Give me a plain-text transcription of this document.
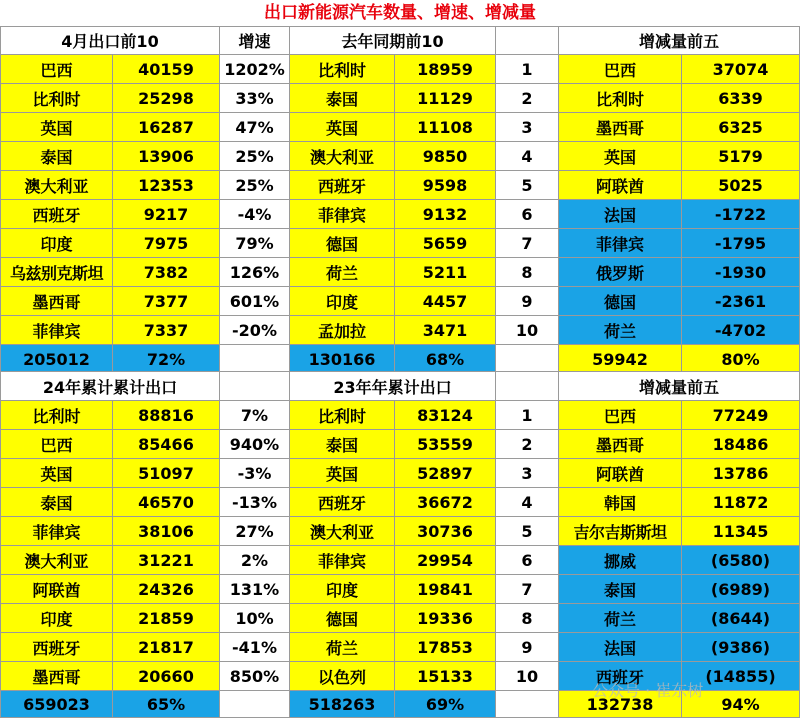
出口新能源汽车数量、增速、增减量
4月出口前10		增速	去年同期前10			增减量前五	
巴西	40159	1202%	比利时	18959	1	巴西	37074
比利时	25298	33%	泰国	11129	2	比利时	6339
英国	16287	47%	英国	11108	3	墨西哥	6325
泰国	13906	25%	澳大利亚	9850	4	英国	5179
澳大利亚	12353	25%	西班牙	9598	5	阿联酋	5025
西班牙	9217	-4%	菲律宾	9132	6	法国	-1722
印度	7975	79%	德国	5659	7	菲律宾	-1795
乌兹别克斯坦	7382	126%	荷兰	5211	8	俄罗斯	-1930
墨西哥	7377	601%	印度	4457	9	德国	-2361
菲律宾	7337	-20%	孟加拉	3471	10	荷兰	-4702
205012	72%		130166	68%		59942	80%
24年累计累计出口			23年年累计出口			增减量前五	
比利时	88816	7%	比利时	83124	1	巴西	77249
巴西	85466	940%	泰国	53559	2	墨西哥	18486
英国	51097	-3%	英国	52897	3	阿联酋	13786
泰国	46570	-13%	西班牙	36672	4	韩国	11872
菲律宾	38106	27%	澳大利亚	30736	5	吉尔吉斯斯坦	11345
澳大利亚	31221	2%	菲律宾	29954	6	挪威	(6580)
阿联酋	24326	131%	印度	19841	7	泰国	(6989)
印度	21859	10%	德国	19336	8	荷兰	(8644)
西班牙	21817	-41%	荷兰	17853	9	法国	(9386)
墨西哥	20660	850%	以色列	15133	10	西班牙	(14855)
659023	65%		518263	69%		132738	94%
公众号 · 崔东树
